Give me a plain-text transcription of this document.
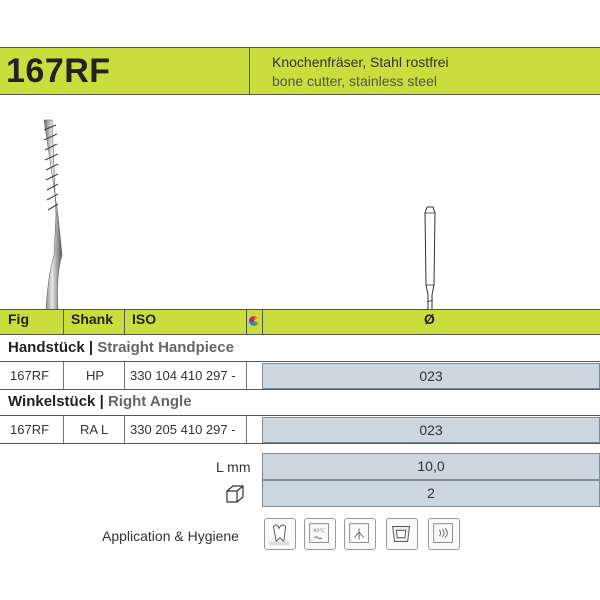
167RF	Knochenfräser, Stahl rostfrei
bone cutter, stainless steel
Fig	Shank ISO	Ø
Handstück | Straight Handpiece
167RF	HP 330 104 410 297 -	023
Winkelstück | Right Angle
167RF RA L 330 205 410 297 -	023
L mm	10,0
2
Application & Hygiene	93°C
